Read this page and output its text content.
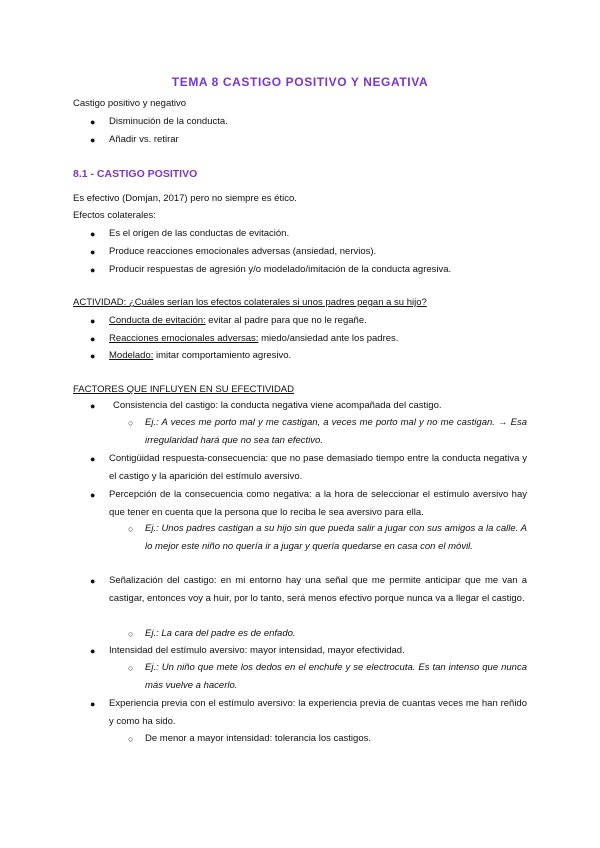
TEMA 8 CASTIGO POSITIVO Y NEGATIVA
Castigo positivo y negativo
● Disminución de la conducta.
● Añadir vs. retirar
8.1 - CASTIGO POSITIVO
Es efectivo (Domjan, 2017) pero no siempre es ético.
Efectos colaterales:
● Es el origen de las conductas de evitación.
● Produce reacciones emocionales adversas (ansiedad, nervios).
● Producir respuestas de agresión y/o modelado/imitación de la conducta agresiva.
ACTIVIDAD: ¿Cuáles serían los efectos colaterales si unos padres pegan a su hijo?
● Conducta de evitación: evitar al padre para que no le regañe.
● Reacciones emocionales adversas: miedo/ansiedad ante los padres.
● Modelado: imitar comportamiento agresivo.
FACTORES QUE INFLUYEN EN SU EFECTIVIDAD
● Consistencia del castigo: la conducta negativa viene acompañada del castigo.
○ Ej.: A veces me porto mal y me castigan, a veces me porto mal y no me castigan. → Esa irregularidad hará que no sea tan efectivo.
● Contigüidad respuesta-consecuencia: que no pase demasiado tiempo entre la conducta negativa y el castigo y la aparición del estímulo aversivo.
● Percepción de la consecuencia como negativa: a la hora de seleccionar el estímulo aversivo hay que tener en cuenta que la persona que lo reciba le sea aversivo para ella.
○ Ej.: Unos padres castigan a su hijo sin que pueda salir a jugar con sus amigos a la calle. A lo mejor este niño no quería ir a jugar y quería quedarse en casa con el móvil.
● Señalización del castigo: en mi entorno hay una señal que me permite anticipar que me van a castigar, entonces voy a huir, por lo tanto, será menos efectivo porque nunca va a llegar el castigo.
○ Ej.: La cara del padre es de enfado.
● Intensidad del estímulo aversivo: mayor intensidad, mayor efectividad.
○ Ej.: Un niño que mete los dedos en el enchufe y se electrocuta. Es tan intenso que nunca más vuelve a hacerlo.
● Experiencia previa con el estímulo aversivo: la experiencia previa de cuantas veces me han reñido y como ha sido.
○ De menor a mayor intensidad: tolerancia los castigos.
